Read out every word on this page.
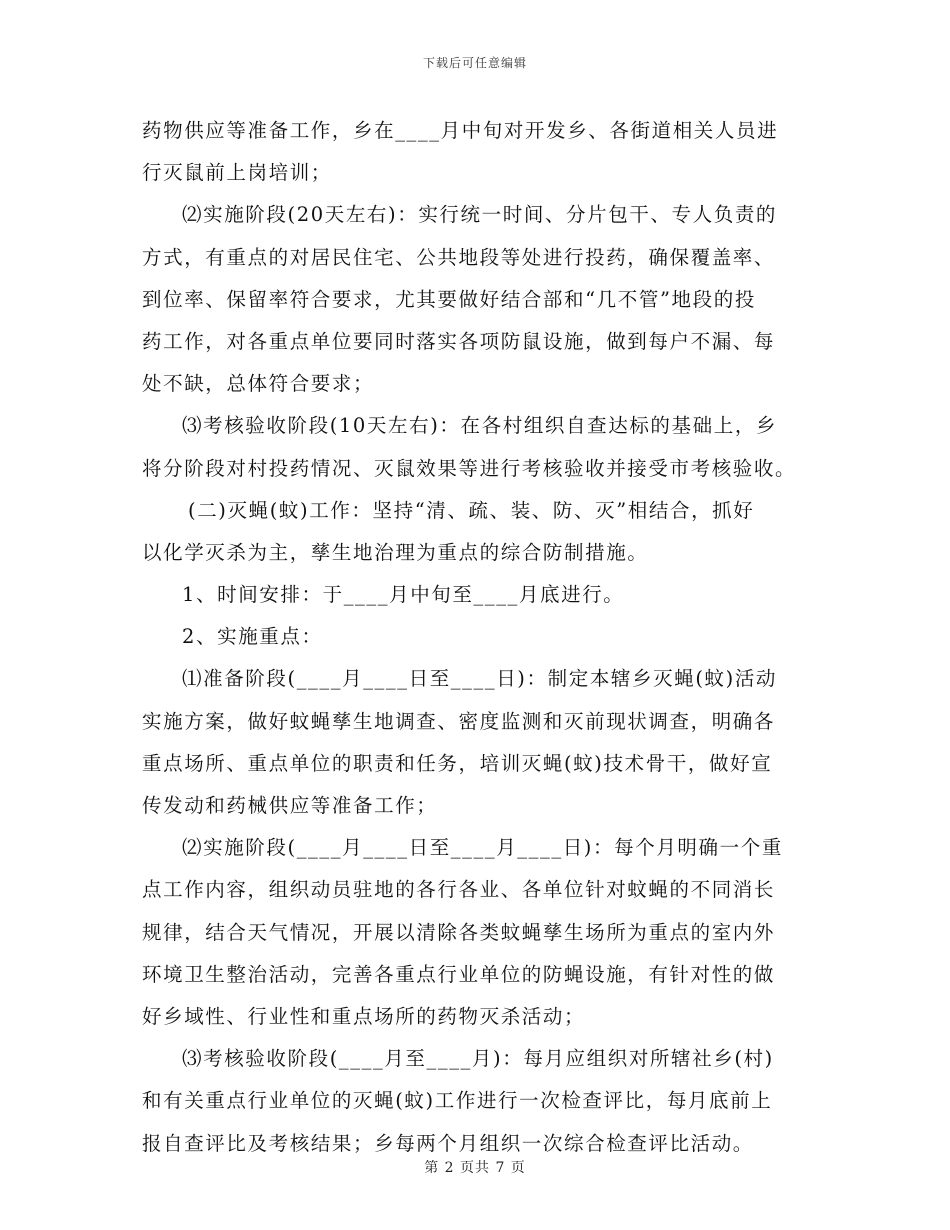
下载后可任意编辑
药物供应等准备工作，乡在____月中旬对开发乡、各街道相关人员进
行灭鼠前上岗培训；
⑵实施阶段(20天左右)：实行统一时间、分片包干、专人负责的
方式，有重点的对居民住宅、公共地段等处进行投药，确保覆盖率、
到位率、保留率符合要求，尤其要做好结合部和“几不管”地段的投
药工作，对各重点单位要同时落实各项防鼠设施，做到每户不漏、每
处不缺，总体符合要求；
⑶考核验收阶段(10天左右)：在各村组织自查达标的基础上，乡
将分阶段对村投药情况、灭鼠效果等进行考核验收并接受市考核验收。
(二)灭蝇(蚊)工作：坚持“清、疏、装、防、灭”相结合，抓好
以化学灭杀为主，孳生地治理为重点的综合防制措施。
1、时间安排：于____月中旬至____月底进行。
2、实施重点：
⑴准备阶段(____月____日至____日)：制定本辖乡灭蝇(蚊)活动
实施方案，做好蚊蝇孳生地调查、密度监测和灭前现状调查，明确各
重点场所、重点单位的职责和任务，培训灭蝇(蚊)技术骨干，做好宣
传发动和药械供应等准备工作；
⑵实施阶段(____月____日至____月____日)：每个月明确一个重
点工作内容，组织动员驻地的各行各业、各单位针对蚊蝇的不同消长
规律，结合天气情况，开展以清除各类蚊蝇孳生场所为重点的室内外
环境卫生整治活动，完善各重点行业单位的防蝇设施，有针对性的做
好乡域性、行业性和重点场所的药物灭杀活动；
⑶考核验收阶段(____月至____月)：每月应组织对所辖社乡(村)
和有关重点行业单位的灭蝇(蚊)工作进行一次检查评比，每月底前上
报自查评比及考核结果；乡每两个月组织一次综合检查评比活动。
第 2 页共 7 页
